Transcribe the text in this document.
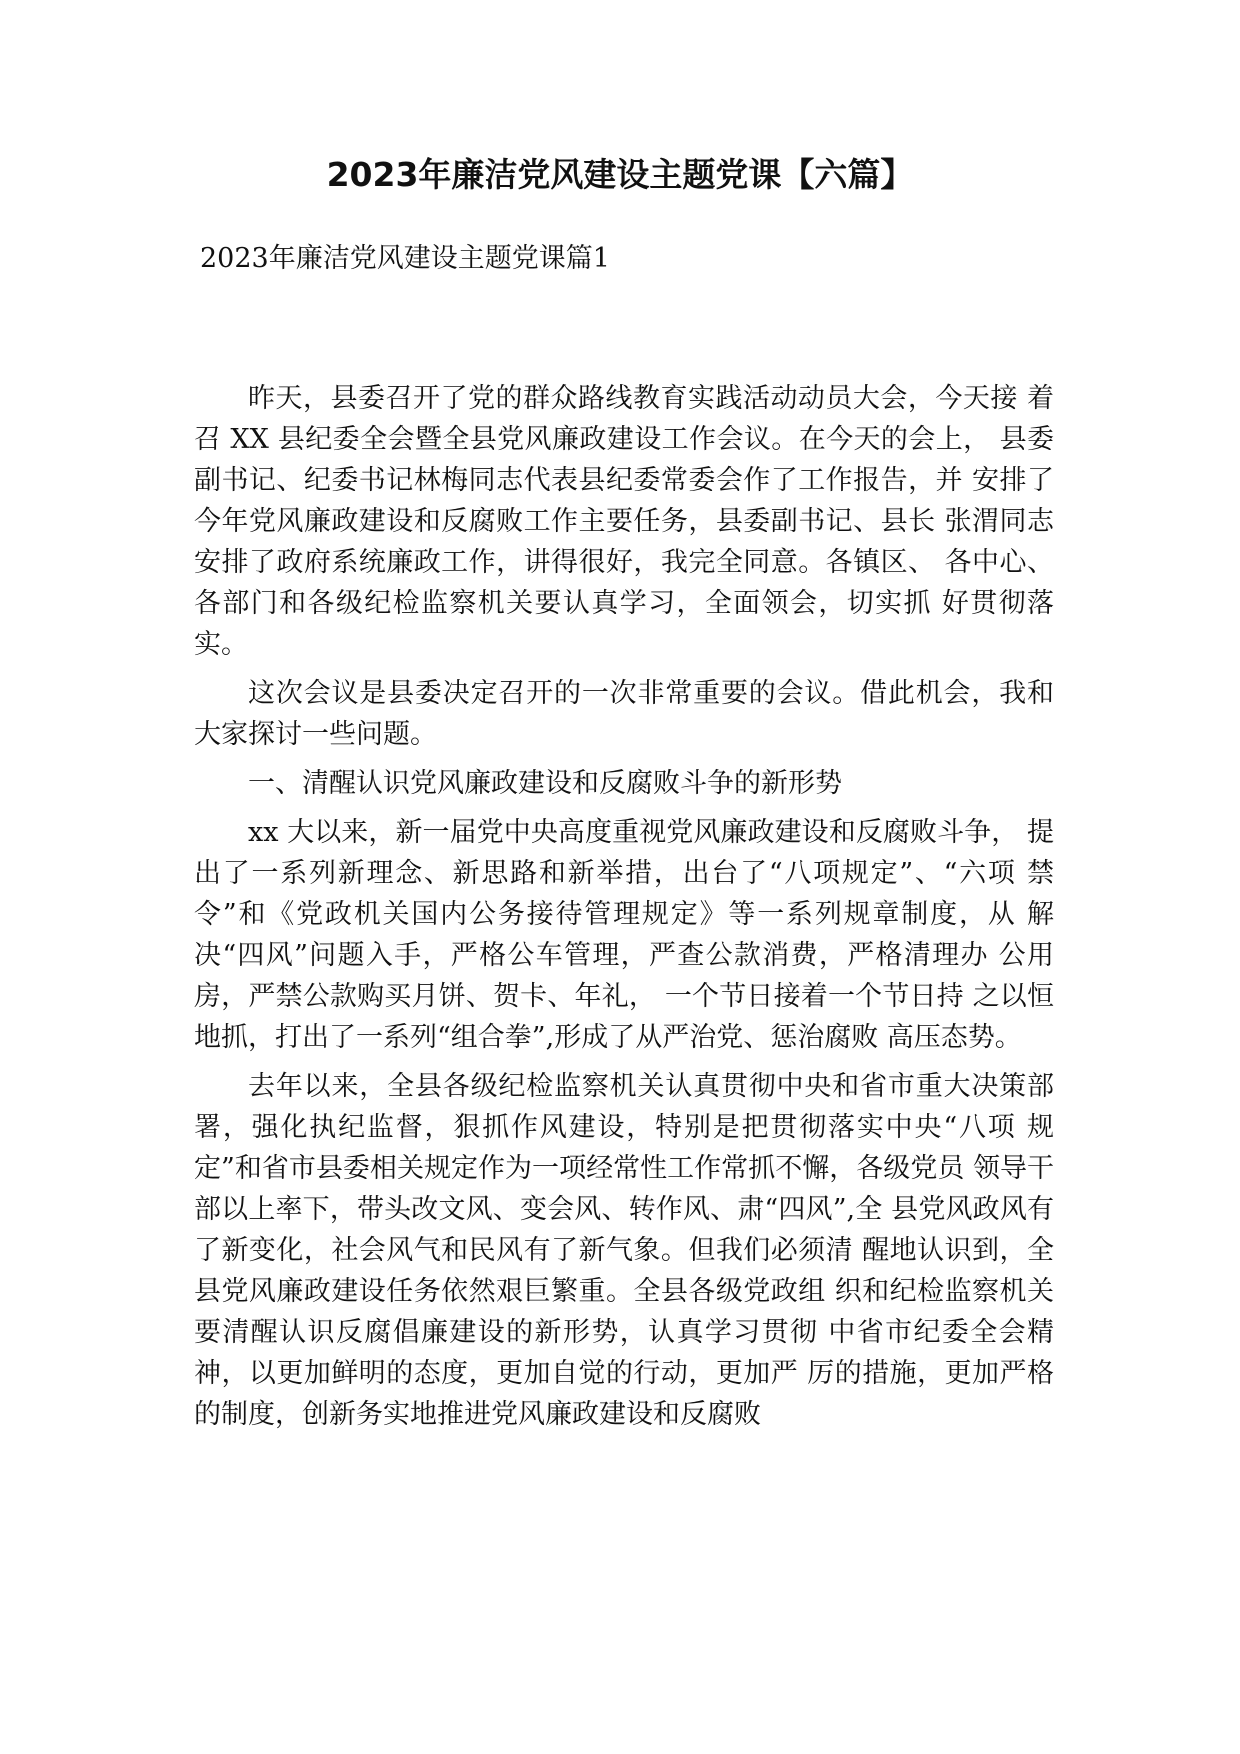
2023年廉洁党风建设主题党课【六篇】
2023年廉洁党风建设主题党课篇1

昨天，县委召开了党的群众路线教育实践活动动员大会，今天接 着召 XX 县纪委全会暨全县党风廉政建设工作会议。在今天的会上， 县委副书记、纪委书记林梅同志代表县纪委常委会作了工作报告，并 安排了今年党风廉政建设和反腐败工作主要任务，县委副书记、县长 张渭同志安排了政府系统廉政工作，讲得很好，我完全同意。各镇区、 各中心、各部门和各级纪检监察机关要认真学习，全面领会，切实抓 好贯彻落实。

这次会议是县委决定召开的一次非常重要的会议。借此机会，我和大家探讨一些问题。

一、清醒认识党风廉政建设和反腐败斗争的新形势

xx 大以来，新一届党中央高度重视党风廉政建设和反腐败斗争， 提出了一系列新理念、新思路和新举措，出台了“八项规定”、“六项 禁令”和《党政机关国内公务接待管理规定》等一系列规章制度，从 解决“四风”问题入手，严格公车管理，严查公款消费，严格清理办 公用房，严禁公款购买月饼、贺卡、年礼， 一个节日接着一个节日持 之以恒地抓，打出了一系列“组合拳”,形成了从严治党、惩治腐败 高压态势。

去年以来，全县各级纪检监察机关认真贯彻中央和省市重大决策部署，强化执纪监督，狠抓作风建设，特别是把贯彻落实中央“八项 规定”和省市县委相关规定作为一项经常性工作常抓不懈，各级党员 领导干部以上率下，带头改文风、变会风、转作风、肃“四风”,全 县党风政风有了新变化，社会风气和民风有了新气象。但我们必须清 醒地认识到，全县党风廉政建设任务依然艰巨繁重。全县各级党政组 织和纪检监察机关要清醒认识反腐倡廉建设的新形势，认真学习贯彻 中省市纪委全会精神，以更加鲜明的态度，更加自觉的行动，更加严 厉的措施，更加严格的制度，创新务实地推进党风廉政建设和反腐败
